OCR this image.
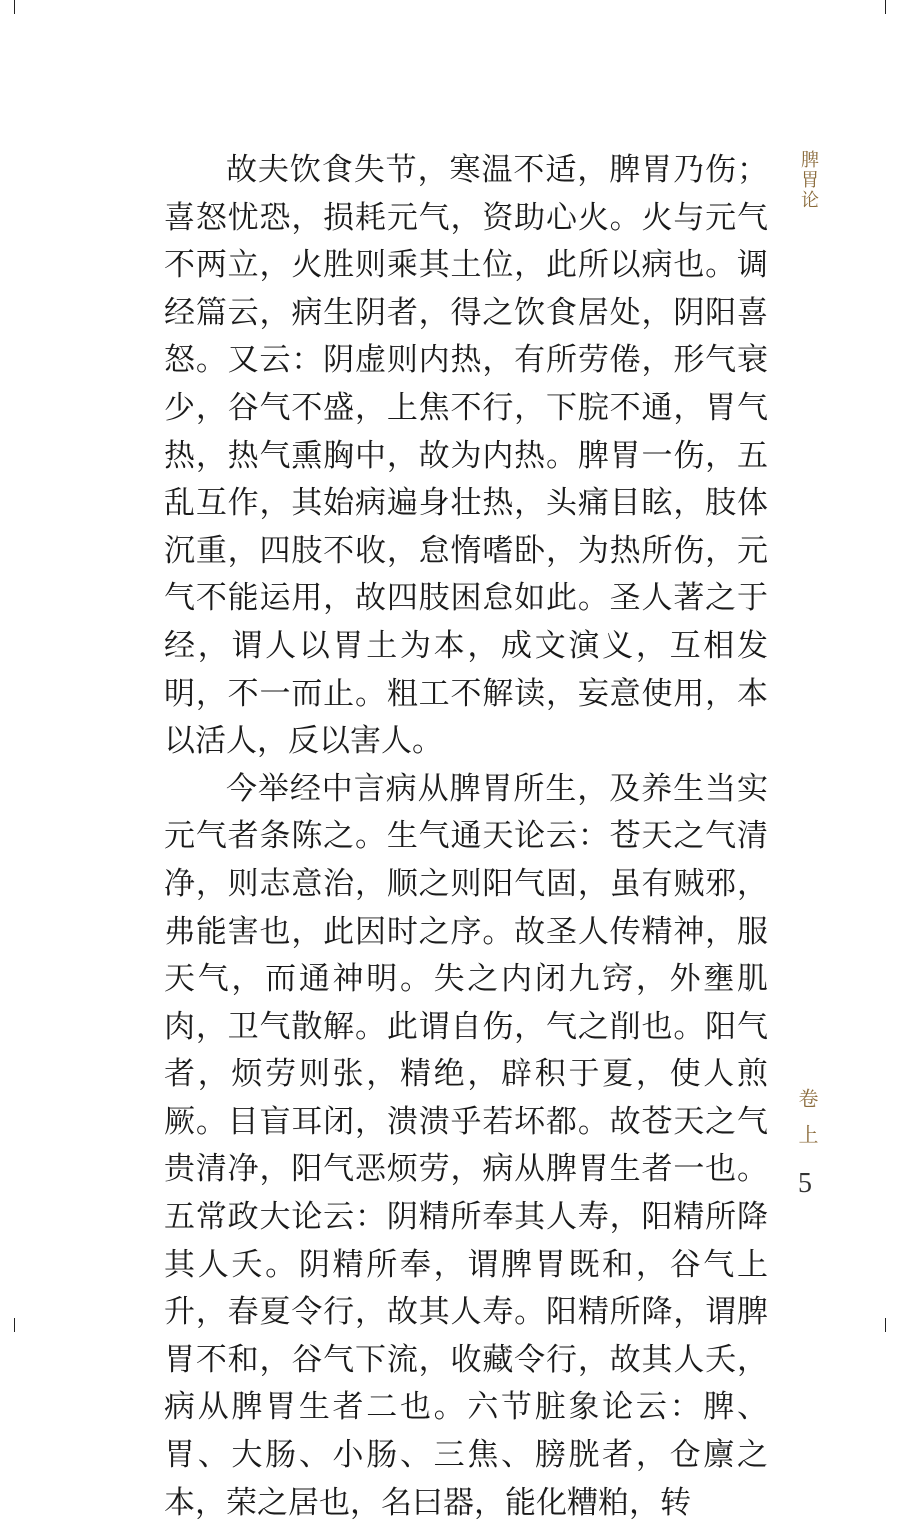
故夫饮食失节，寒温不适，脾胃乃伤；喜怒忧恐，损耗元气，资助心火。火与元气不两立，火胜则乘其土位，此所以病也。调经篇云，病生阴者，得之饮食居处，阴阳喜怒。又云：阴虚则内热，有所劳倦，形气衰少，谷气不盛，上焦不行，下脘不通，胃气热，热气熏胸中，故为内热。脾胃一伤，五乱互作，其始病遍身壮热，头痛目眩，肢体沉重，四肢不收，怠惰嗜卧，为热所伤，元气不能运用，故四肢困怠如此。圣人著之于经，谓人以胃土为本，成文演义，互相发明，不一而止。粗工不解读，妄意使用，本以活人，反以害人。

今举经中言病从脾胃所生，及养生当实元气者条陈之。生气通天论云：苍天之气清净，则志意治，顺之则阳气固，虽有贼邪，弗能害也，此因时之序。故圣人传精神，服天气，而通神明。失之内闭九窍，外壅肌肉，卫气散解。此谓自伤，气之削也。阳气者，烦劳则张，精绝，辟积于夏，使人煎厥。目盲耳闭，溃溃乎若坏都。故苍天之气贵清净，阳气恶烦劳，病从脾胃生者一也。五常政大论云：阴精所奉其人寿，阳精所降其人夭。阴精所奉，谓脾胃既和，谷气上升，春夏令行，故其人寿。阳精所降，谓脾胃不和，谷气下流，收藏令行，故其人夭，病从脾胃生者二也。六节脏象论云：脾、胃、大肠、小肠、三焦、膀胱者，仓廪之本，荣之居也，名曰器，能化糟粕，转

脾胃论
卷上
5
